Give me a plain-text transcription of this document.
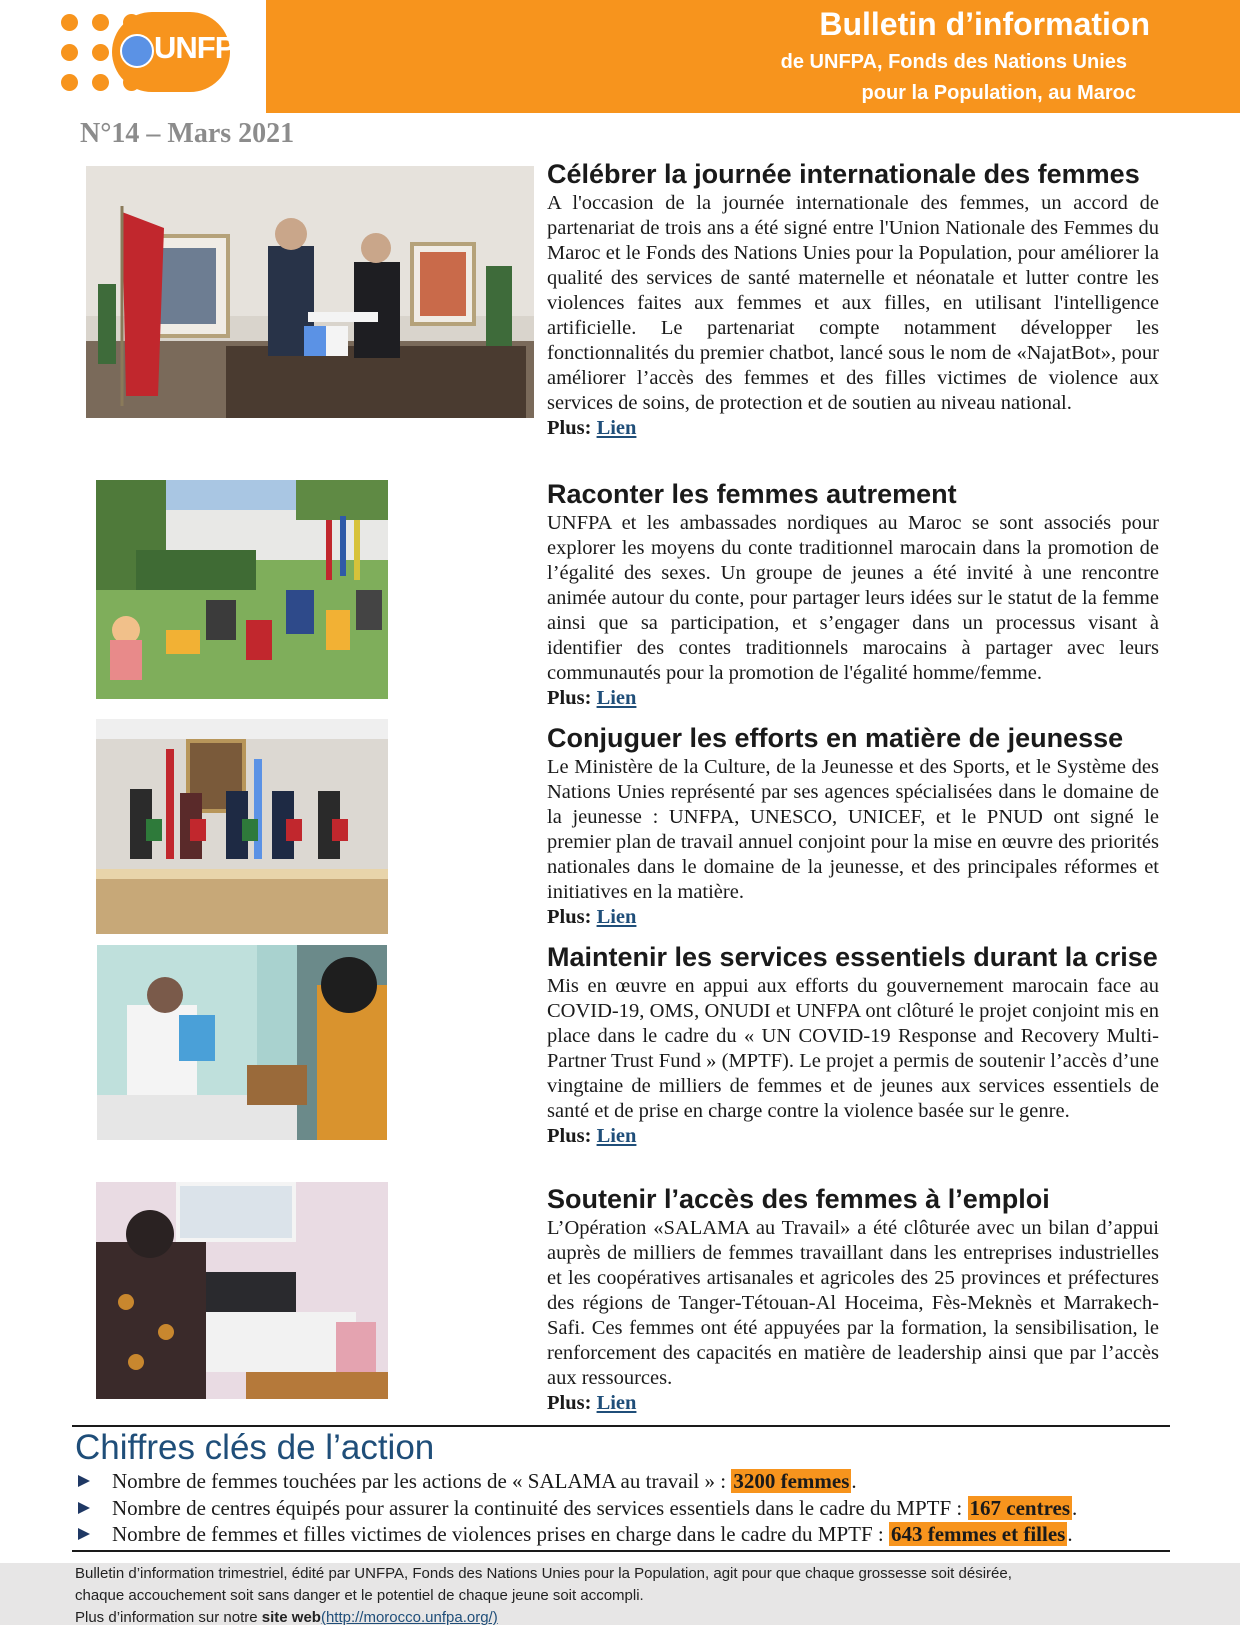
UNFPA
Bulletin d’information
de UNFPA, Fonds des Nations Unies
pour la Population, au Maroc
N°14 – Mars 2021
Célébrer la journée internationale des femmes

A l'occasion de la journée internationale des femmes, un accord de partenariat de trois ans a été signé entre l'Union Nationale des Femmes du Maroc et le Fonds des Nations Unies pour la Population, pour améliorer la qualité des services de santé maternelle et néonatale et lutter contre les violences faites aux femmes et aux filles, en utilisant l'intelligence artificielle. Le partenariat compte notamment développer les fonctionnalités du premier chatbot, lancé sous le nom de «NajatBot», pour améliorer l’accès des femmes et des filles victimes de violence aux services de soins, de protection et de soutien au niveau national.

Plus: Lien

Raconter les femmes autrement

UNFPA et les ambassades nordiques au Maroc se sont associés pour explorer les moyens du conte traditionnel marocain dans la promotion de l’égalité des sexes. Un groupe de jeunes a été invité à une rencontre animée autour du conte, pour partager leurs idées sur le statut de la femme ainsi que sa participation, et s’engager dans un processus visant à identifier des contes traditionnels marocains à partager avec leurs communautés pour la promotion de l'égalité homme/femme.

Plus: Lien

Conjuguer les efforts en matière de jeunesse

Le Ministère de la Culture, de la Jeunesse et des Sports, et le Système des Nations Unies représenté par ses agences spécialisées dans le domaine de la jeunesse : UNFPA, UNESCO, UNICEF, et le PNUD ont signé le premier plan de travail annuel conjoint pour la mise en œuvre des priorités nationales dans le domaine de la jeunesse, et des principales réformes et initiatives en la matière.

Plus: Lien

Maintenir les services essentiels durant la crise

Mis en œuvre en appui aux efforts du gouvernement marocain face au COVID-19, OMS, ONUDI et UNFPA ont clôturé le projet conjoint mis en place dans le cadre du « UN COVID-19 Response and Recovery Multi-Partner Trust Fund » (MPTF). Le projet a permis de soutenir l’accès d’une vingtaine de milliers de femmes et de jeunes aux services essentiels de santé et de prise en charge contre la violence basée sur le genre.

Plus: Lien

Soutenir l’accès des femmes à l’emploi

L’Opération «SALAMA au Travail» a été clôturée avec un bilan d’appui auprès de milliers de femmes travaillant dans les entreprises industrielles et les coopératives artisanales et agricoles des 25 provinces et préfectures des régions de Tanger-Tétouan-Al Hoceima, Fès-Meknès et Marrakech-Safi. Ces femmes ont été appuyées par la formation, la sensibilisation, le renforcement des capacités en matière de leadership ainsi que par l’accès aux ressources.

Plus: Lien

Chiffres clés de l’action
Nombre de femmes touchées par les actions de « SALAMA au travail » : 3200 femmes.
Nombre de centres équipés pour assurer la continuité des services essentiels dans le cadre du MPTF : 167 centres.
Nombre de femmes et filles victimes de violences prises en charge dans le cadre du MPTF : 643 femmes et filles.

Bulletin d’information trimestriel, édité par UNFPA, Fonds des Nations Unies pour la Population, agit pour que chaque grossesse soit désirée,

chaque accouchement soit sans danger et le potentiel de chaque jeune soit accompli.

Plus d’information sur notre site web(http://morocco.unfpa.org/)
